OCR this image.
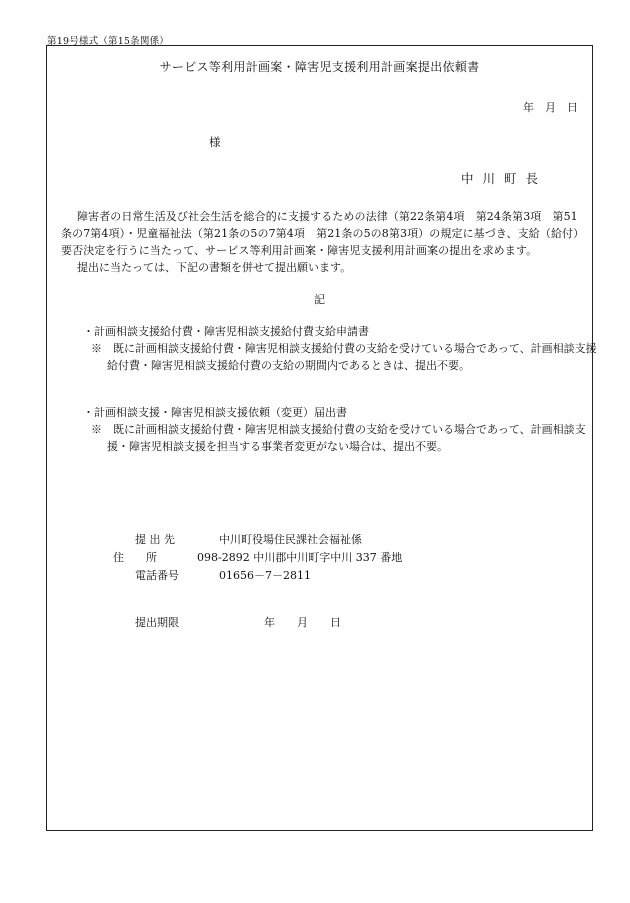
第19号様式（第15条関係）
サービス等利用計画案・障害児支援利用計画案提出依頼書
年　月　日
様
中川町長
障害者の日常生活及び社会生活を総合的に支援するための法律（第22条第4項　第24条第3項　第51条の7第4項）・児童福祉法（第21条の5の7第4項　第21条の5の8第3項）の規定に基づき、支給（給付）要否決定を行うに当たって、サービス等利用計画案・障害児支援利用計画案の提出を求めます。
提出に当たっては、下記の書類を併せて提出願います。
記
・計画相談支援給付費・障害児相談支援給付費支給申請書
※　既に計画相談支援給付費・障害児相談支援給付費の支給を受けている場合であって、計画相談支援給付費・障害児相談支援給付費の支給の期間内であるときは、提出不要。
・計画相談支援・障害児相談支援依頼（変更）届出書
※　既に計画相談支援給付費・障害児相談支援給付費の支給を受けている場合であって、計画相談支援・障害児相談支援を担当する事業者変更がない場合は、提出不要。
提 出 先	中川町役場住民課社会福祉係
住　　所	098-2892 中川郡中川町字中川 337 番地
電話番号	01656－7－2811
提出期限	年　　月　　日
